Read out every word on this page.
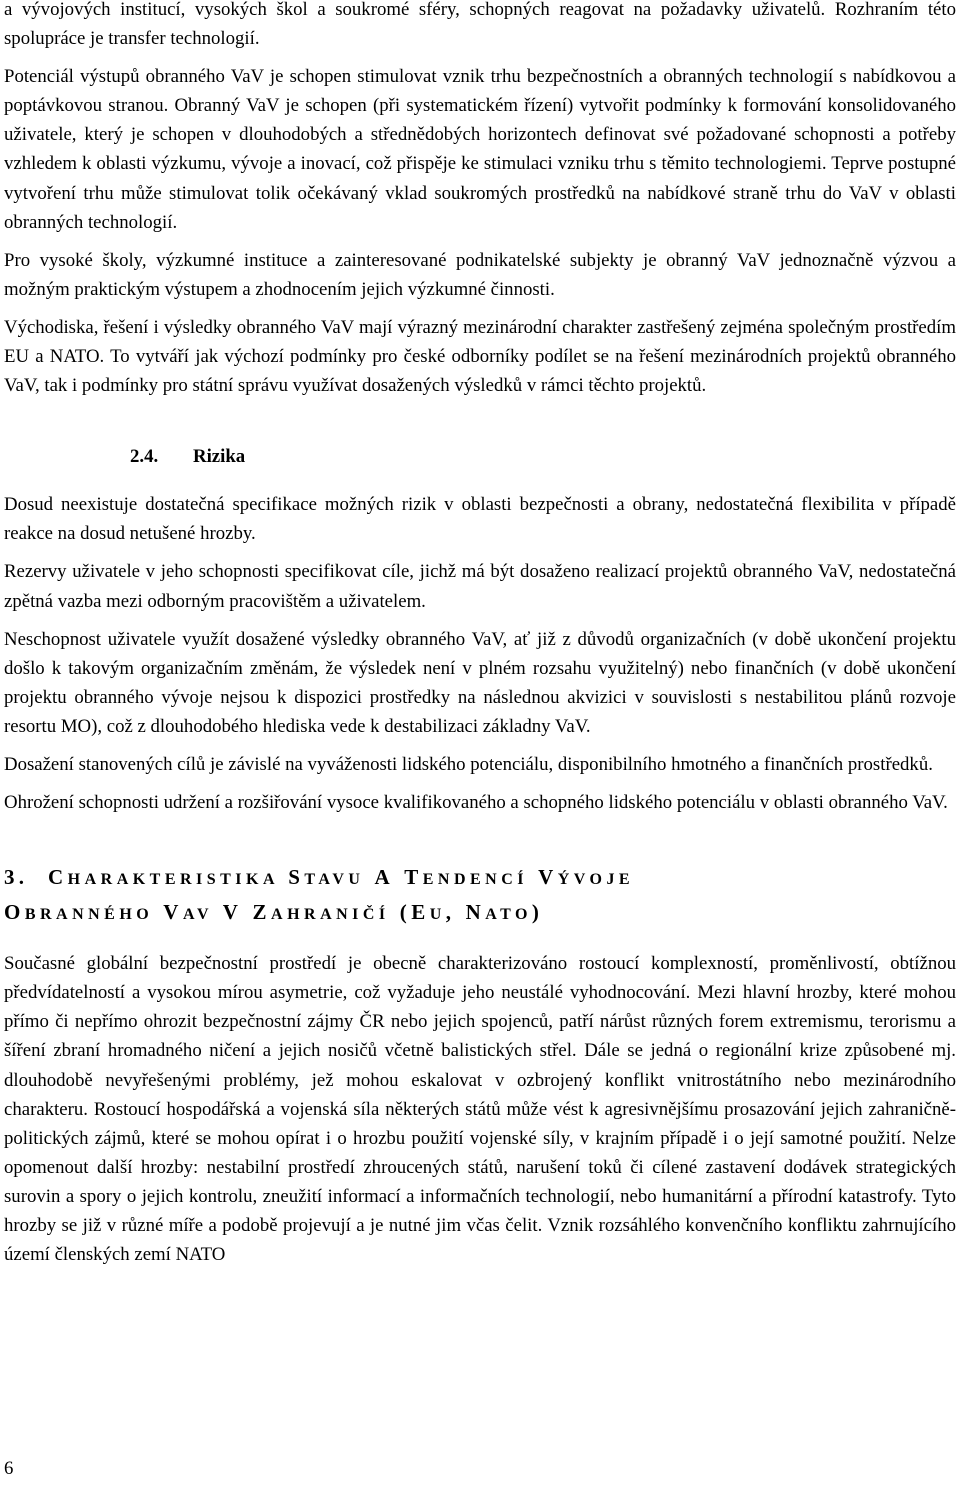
a vývojových institucí, vysokých škol a soukromé sféry, schopných reagovat na požadavky uživatelů. Rozhraním této spolupráce je transfer technologií.

Potenciál výstupů obranného VaV je schopen stimulovat vznik trhu bezpečnostních a obranných technologií s nabídkovou a poptávkovou stranou. Obranný VaV je schopen (při systematickém řízení) vytvořit podmínky k formování konsolidovaného uživatele, který je schopen v dlouhodobých a střednědobých horizontech definovat své požadované schopnosti a potřeby vzhledem k oblasti výzkumu, vývoje a inovací, což přispěje ke stimulaci vzniku trhu s těmito technologiemi. Teprve postupné vytvoření trhu může stimulovat tolik očekávaný vklad soukromých prostředků na nabídkové straně trhu do VaV v oblasti obranných technologií.

Pro vysoké školy, výzkumné instituce a zainteresované podnikatelské subjekty je obranný VaV jednoznačně výzvou a možným praktickým výstupem a zhodnocením jejich výzkumné činnosti.

Východiska, řešení i výsledky obranného VaV mají výrazný mezinárodní charakter zastřešený zejména společným prostředím EU a NATO. To vytváří jak výchozí podmínky pro české odborníky podílet se na řešení mezinárodních projektů obranného VaV, tak i podmínky pro státní správu využívat dosažených výsledků v rámci těchto projektů.

2.4. Rizika

Dosud neexistuje dostatečná specifikace možných rizik v oblasti bezpečnosti a obrany, nedostatečná flexibilita v případě reakce na dosud netušené hrozby.

Rezervy uživatele v jeho schopnosti specifikovat cíle, jichž má být dosaženo realizací projektů obranného VaV, nedostatečná zpětná vazba mezi odborným pracovištěm a uživatelem.

Neschopnost uživatele využít dosažené výsledky obranného VaV, ať již z důvodů organizačních (v době ukončení projektu došlo k takovým organizačním změnám, že výsledek není v plném rozsahu využitelný) nebo finančních (v době ukončení projektu obranného vývoje nejsou k dispozici prostředky na následnou akvizici v souvislosti s nestabilitou plánů rozvoje resortu MO), což z dlouhodobého hlediska vede k destabilizaci základny VaV.

Dosažení stanovených cílů je závislé na vyváženosti lidského potenciálu, disponibilního hmotného a finančních prostředků.

Ohrožení schopnosti udržení a rozšiřování vysoce kvalifikovaného a schopného lidského potenciálu v oblasti obranného VaV.

3. CHARAKTERISTIKA STAVU A TENDENCÍ VÝVOJE
OBRANNÉHO VAV V ZAHRANIČÍ (EU, NATO)

Současné globální bezpečnostní prostředí je obecně charakterizováno rostoucí komplexností, proměnlivostí, obtížnou předvídatelností a vysokou mírou asymetrie, což vyžaduje jeho neustálé vyhodnocování. Mezi hlavní hrozby, které mohou přímo či nepřímo ohrozit bezpečnostní zájmy ČR nebo jejich spojenců, patří nárůst různých forem extremismu, terorismu a šíření zbraní hromadného ničení a jejich nosičů včetně balistických střel. Dále se jedná o regionální krize způsobené mj. dlouhodobě nevyřešenými problémy, jež mohou eskalovat v ozbrojený konflikt vnitrostátního nebo mezinárodního charakteru. Rostoucí hospodářská a vojenská síla některých států může vést k agresivnějšímu prosazování jejich zahraničně-politických zájmů, které se mohou opírat i o hrozbu použití vojenské síly, v krajním případě i o její samotné použití. Nelze opomenout další hrozby: nestabilní prostředí zhroucených států, narušení toků či cílené zastavení dodávek strategických surovin a spory o jejich kontrolu, zneužití informací a informačních technologií, nebo humanitární a přírodní katastrofy. Tyto hrozby se již v různé míře a podobě projevují a je nutné jim včas čelit. Vznik rozsáhlého konvenčního konfliktu zahrnujícího území členských zemí NATO

6
